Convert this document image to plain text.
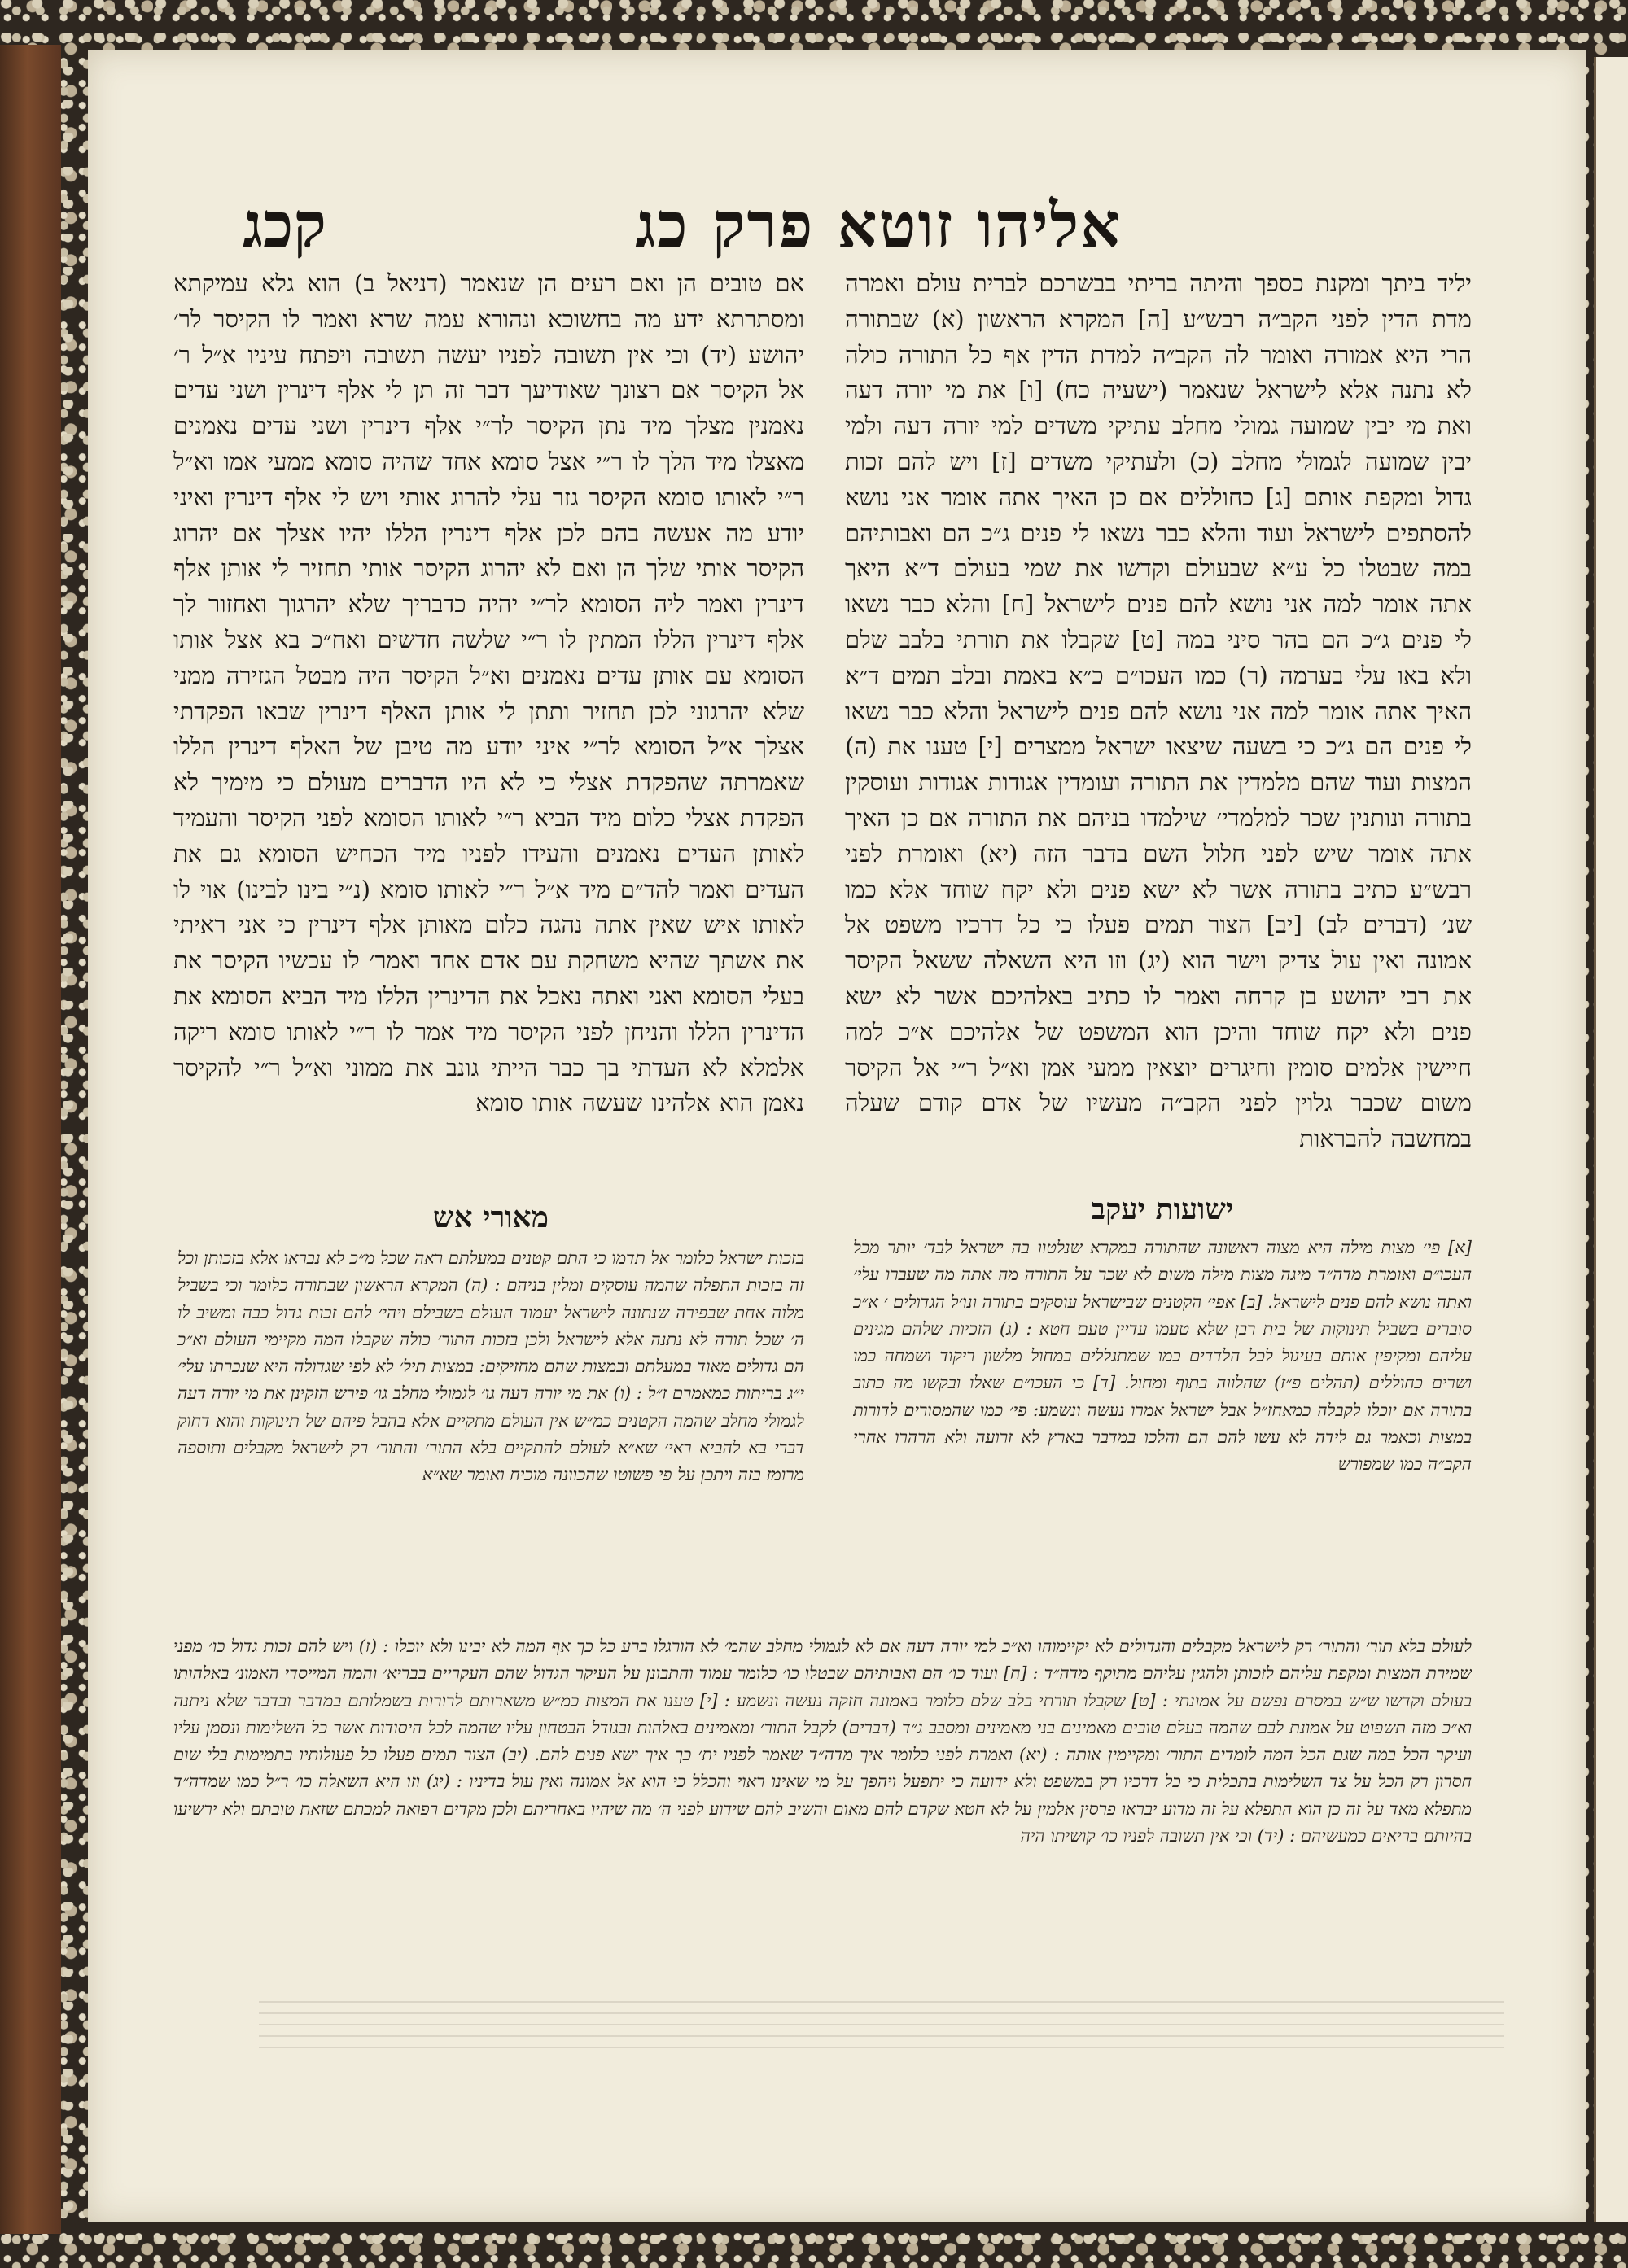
אליהו זוטא פרק כג
קכג
יליד ביתך ומקנת כספך והיתה בריתי בבשרכם לברית עולם ואמרה מדת הדין לפני הקב״ה רבש״ע [ה] המקרא הראשון (א) שבתורה הרי היא אמורה ואומר לה הקב״ה למדת הדין אף כל התורה כולה לא נתנה אלא לישראל שנאמר (ישעיה כח) [ו] את מי יורה דעה ואת מי יבין שמועה גמולי מחלב עתיקי משדים למי יורה דעה ולמי יבין שמועה לגמולי מחלב (כ) ולעתיקי משדים [ז] ויש להם זכות גדול ומקפת אותם [ג] כחוללים אם כן האיך אתה אומר אני נושא להסתפים לישראל ועוד והלא כבר נשאו לי פנים ג״כ הם ואבותיהם במה שבטלו כל ע״א שבעולם וקדשו את שמי בעולם ד״א היאך אתה אומר למה אני נושא להם פנים לישראל [ח] והלא כבר נשאו לי פנים ג״כ הם בהר סיני במה [ט] שקבלו את תורתי בלבב שלם ולא באו עלי בערמה (ר) כמו העכו״ם כ״א באמת ובלב תמים ד״א האיך אתה אומר למה אני נושא להם פנים לישראל והלא כבר נשאו לי פנים הם ג״כ כי בשעה שיצאו ישראל ממצרים [י] טענו את (ה) המצות ועוד שהם מלמדין את התורה ועומדין אגודות אגודות ועוסקין בתורה ונותנין שכר למלמדי׳ שילמדו בניהם את התורה אם כן האיך אתה אומר שיש לפני חלול השם בדבר הזה (יא) ואומרת לפני רבש״ע כתיב בתורה אשר לא ישא פנים ולא יקח שוחד אלא כמו שנ׳ (דברים לב) [יב] הצור תמים פעלו כי כל דרכיו משפט אל אמונה ואין עול צדיק וישר הוא (יג) וזו היא השאלה ששאל הקיסר את רבי יהושע בן קרחה ואמר לו כתיב באלהיכם אשר לא ישא פנים ולא יקח שוחד והיכן הוא המשפט של אלהיכם א״כ למה חיישין אלמים סומין וחיגרים יוצאין ממעי אמן וא״ל ר״י אל הקיסר משום שכבר גלוין לפני הקב״ה מעשיו של אדם קודם שעלה במחשבה להבראות
אם טובים הן ואם רעים הן שנאמר (דניאל ב) הוא גלא עמיקתא ומסתרתא ידע מה בחשוכא ונהורא עמה שרא ואמר לו הקיסר לר׳ יהושע (יד) וכי אין תשובה לפניו יעשה תשובה ויפתח עיניו א״ל ר׳ אל הקיסר אם רצונך שאודיעך דבר זה תן לי אלף דינרין ושני עדים נאמנין מצלך מיד נתן הקיסר לר״י אלף דינרין ושני עדים נאמנים מאצלו מיד הלך לו ר״י אצל סומא אחד שהיה סומא ממעי אמו וא״ל ר״י לאותו סומא הקיסר גזר עלי להרוג אותי ויש לי אלף דינרין ואיני יודע מה אעשה בהם לכן אלף דינרין הללו יהיו אצלך אם יהרוג הקיסר אותי שלך הן ואם לא יהרוג הקיסר אותי תחזיר לי אותן אלף דינרין ואמר ליה הסומא לר״י יהיה כדבריך שלא יהרגוך ואחזור לך אלף דינרין הללו המתין לו ר״י שלשה חדשים ואח״כ בא אצל אותו הסומא עם אותן עדים נאמנים וא״ל הקיסר היה מבטל הגזירה ממני שלא יהרגוני לכן תחזיר ותתן לי אותן האלף דינרין שבאו הפקדתי אצלך א״ל הסומא לר״י איני יודע מה טיבן של האלף דינרין הללו שאמרתה שהפקדת אצלי כי לא היו הדברים מעולם כי מימיך לא הפקדת אצלי כלום מיד הביא ר״י לאותו הסומא לפני הקיסר והעמיד לאותן העדים נאמנים והעידו לפניו מיד הכחיש הסומא גם את העדים ואמר להד״ם מיד א״ל ר״י לאותו סומא (נ״י בינו לבינו) אוי לו לאותו איש שאין אתה נהגה כלום מאותן אלף דינרין כי אני ראיתי את אשתך שהיא משחקת עם אדם אחד ואמר׳ לו עכשיו הקיסר את בעלי הסומא ואני ואתה נאכל את הדינרין הללו מיד הביא הסומא את הדינרין הללו והניחן לפני הקיסר מיד אמר לו ר״י לאותו סומא ריקה אלמלא לא העדתי בך כבר הייתי גונב את ממוני וא״ל ר״י להקיסר נאמן הוא אלהינו שעשה אותו סומא
ישועות יעקב
מאורי אש
[א] פי׳ מצות מילה היא מצוה ראשונה שהתורה במקרא שנלטוו בה ישראל לבד׳ יותר מכל העכו״ם ואומרת מדה״ד מיגה מצות מילה משום לא שכר על התורה מה אתה מה שעברו עלי׳ ואתה נושא להם פנים לישראל. [ב] אפי׳ הקטנים שבישראל עוסקים בתורה ונו׳ל הגדולים ׳ א״כ סוברים בשביל תינוקות של בית רבן שלא טעמו עדיין טעם חטא : (ג) הזכיות שלהם מגינים עליהם ומקיפין אותם בעיגול לכל הלדדים כמו שמתגללים במחול מלשון ריקוד ושמחה כמו ושרים כחוללים (תהלים פ״ז) שהלווה בתוף ומחול. [ד] כי העכו״ם שאלו ובקשו מה כתוב בתורה אם יוכלו לקבלה כמאחז״ל אבל ישראל אמרו נעשה ונשמע: פי׳ כמו שהמסורים לדורות במצות וכאמר גם לידה לא עשו להם הם והלכו במדבר בארץ לא זרועה ולא הרהרו אחרי הקב״ה כמו שמפורש
בזכות ישראל כלומר אל תדמו כי התם קטנים במעלתם ראה שכל מ״כ לא נבראו אלא בזכותן וכל זה בזכות התפלה שהמה עוסקים ומלין בניהם : (ה) המקרא הראשון שבתורה כלומר וכי בשביל מלוה אחת שבפירה שנתונה לישראל יעמוד העולם בשבילם ויהי׳ להם זכות גדול כבה ומשיב לו ה׳ שכל תורה לא נתנה אלא לישראל ולכן בזכות התור׳ כולה שקבלו המה מקיימי העולם וא״כ הם גדולים מאוד במעלתם ובמצות שהם מחזיקים: במצות תיל׳ לא לפי שגדולה היא שנכרתו עלי׳ י״ג בריתות כמאמרם ז״ל : (ו) את מי יורה דעה גו׳ לגמולי מחלב גו׳ פירש הזקינן את מי יורה דעה לגמולי מחלב שהמה הקטנים כמ״ש אין העולם מתקיים אלא בהבל פיהם של תינוקות והוא דחוק דברי בא להביא ראי׳ שא״א לעולם להתקיים בלא התור׳ והתור׳ רק לישראל מקבלים ותוספה מרומז בזה ויתכן על פי פשוטו שהכוונה מוכיח ואומר שא״א
לעולם בלא תור׳ והתור׳ רק לישראל מקבלים והגדולים לא יקיימוהו וא״כ למי יורה דעה אם לא לגמולי מחלב שהמ׳ לא הורגלו ברע כל כך אף המה לא יבינו ולא יוכלו : (ז) ויש להם זכות גדול כו׳ מפני שמירת המצות ומקפת עליהם לזכותן ולהגין עליהם מתוקף מדה״ד : [ח] ועוד כו׳ הם ואבותיהם שבטלו כו׳ כלומר עמוד והתבונן על העיקר הגדול שהם העקריים בבריא׳ והמה המייסדי האמונ׳ באלהותו בעולם וקדשו ש״ש במסרם נפשם על אמונתי : [ט] שקבלו תורתי בלב שלם כלומר באמונה חזקה נעשה ונשמע : [י] טענו את המצות כמ״ש משארותם לרורות בשמלותם במדבר ובדבר שלא ניתנה וא״כ מזה תשפוט על אמונת לבם שהמה בעלם טובים מאמינים בני מאמינים ומסבב ג״ד (דברים) לקבל התור׳ ומאמינים באלהות ובגודל הבטחון עליו שהמה לכל היסודות אשר כל השלימות ונסמן עליו ועיקר הכל במה שגם הכל המה לומדים התור׳ ומקיימין אותה : (יא) ואמרת לפני כלומר איך מדה״ד שאמר לפניו ית׳ כך איך ישא פנים להם. (יב) הצור תמים פעלו כל פעולותיו בתמימות בלי שום חסרון רק הכל על צד השלימות בתכלית כי כל דרכיו רק במשפט ולא ידועה כי יתפעל ויהפך על מי שאינו ראוי והכלל כי הוא אל אמונה ואין עול בדיניו : (יג) וזו היא השאלה כו׳ ר״ל כמו שמדה״ד מתפלא מאד על זה כן הוא התפלא על זה מדוע יבראו פרסין אלמין על לא חטא שקדם להם מאום והשיב להם שידוע לפני ה׳ מה שיהיו באחריתם ולכן מקדים רפואה למכתם שזאת טובתם ולא ירשיעו בהיותם בריאים כמעשיהם : (יד) וכי אין תשובה לפניו כו׳ קושיתו היה
